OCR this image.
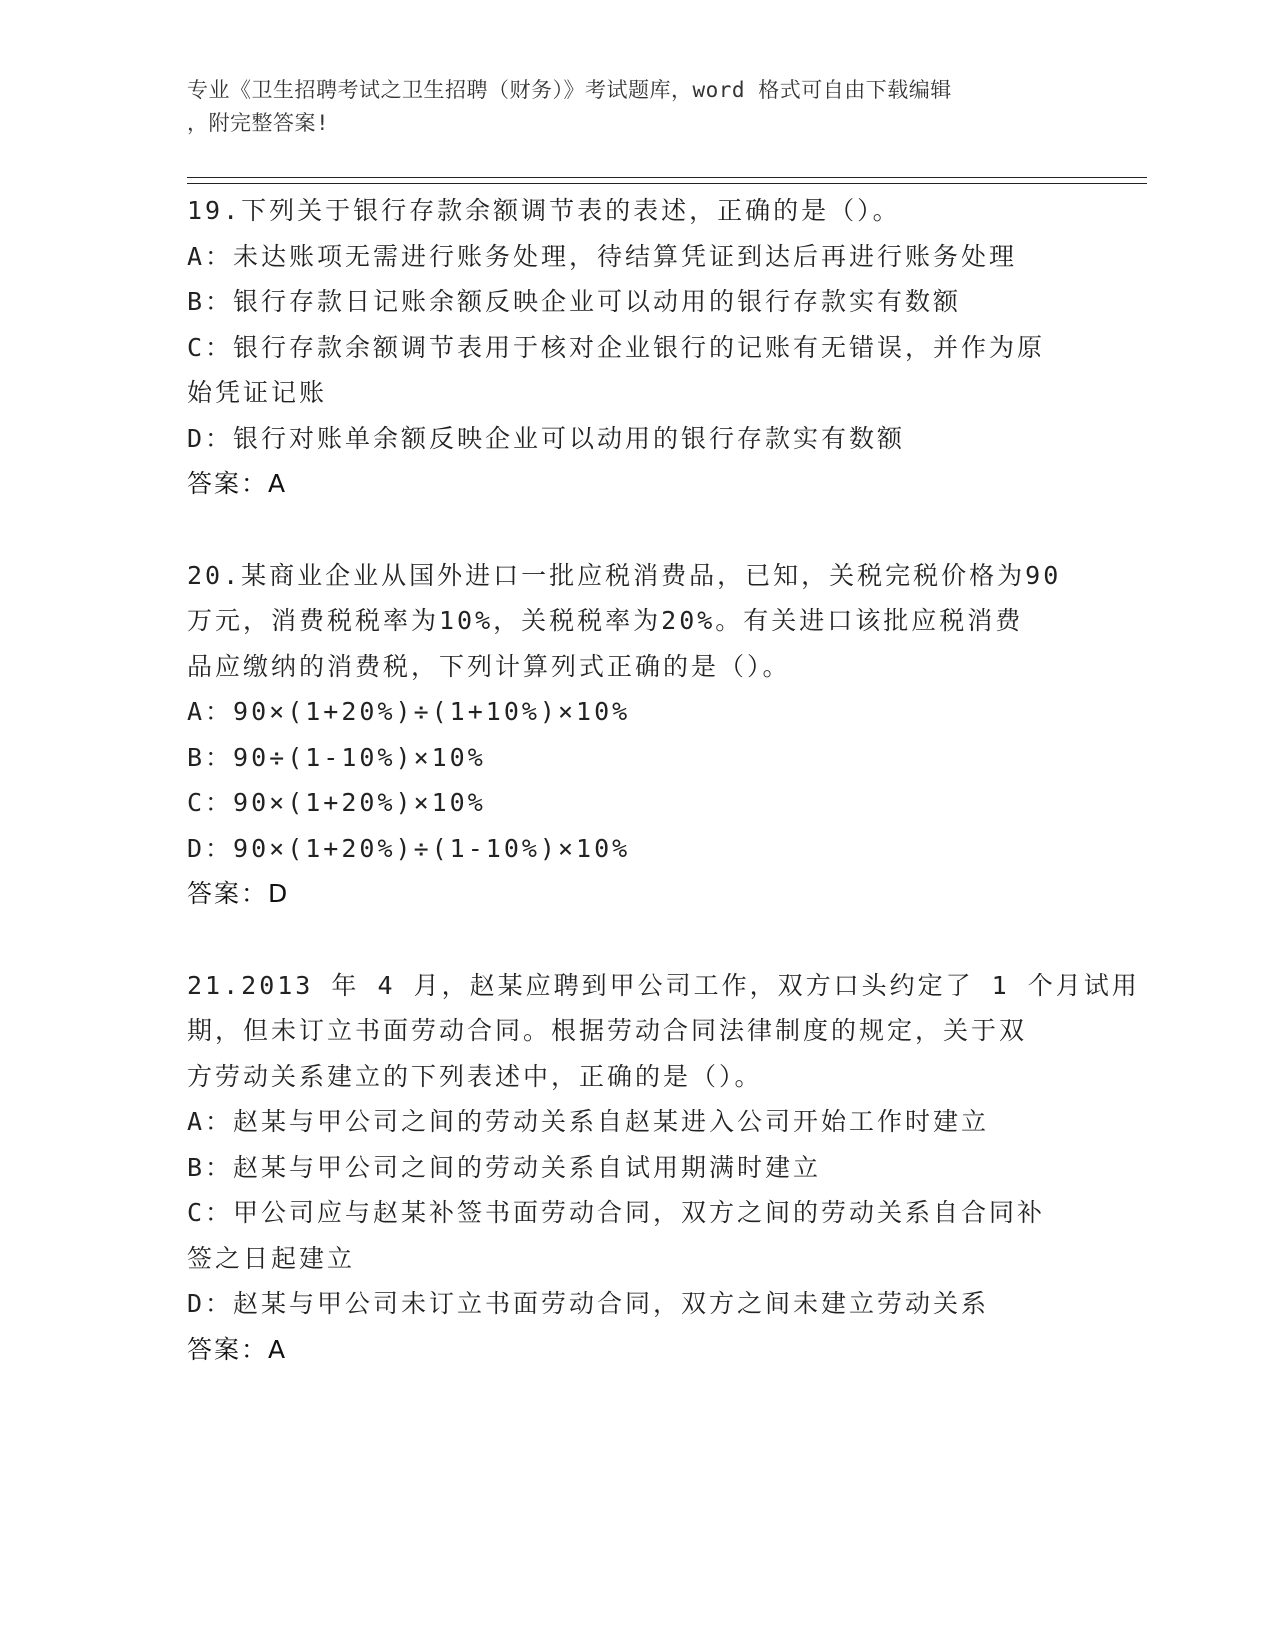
专业《卫生招聘考试之卫生招聘（财务）》考试题库，word 格式可自由下载编辑
，附完整答案!
19.下列关于银行存款余额调节表的表述，正确的是（）。
A：未达账项无需进行账务处理，待结算凭证到达后再进行账务处理
B：银行存款日记账余额反映企业可以动用的银行存款实有数额
C：银行存款余额调节表用于核对企业银行的记账有无错误，并作为原
始凭证记账
D：银行对账单余额反映企业可以动用的银行存款实有数额
答案：A
20.某商业企业从国外进口一批应税消费品，已知，关税完税价格为90
万元，消费税税率为10%，关税税率为20%。有关进口该批应税消费
品应缴纳的消费税，下列计算列式正确的是（）。
A：90×(1+20%)÷(1+10%)×10%
B：90÷(1-10%)×10%
C：90×(1+20%)×10%
D：90×(1+20%)÷(1-10%)×10%
答案：D
21.2013 年 4 月，赵某应聘到甲公司工作，双方口头约定了 1 个月试用
期，但未订立书面劳动合同。根据劳动合同法律制度的规定，关于双
方劳动关系建立的下列表述中，正确的是（）。
A：赵某与甲公司之间的劳动关系自赵某进入公司开始工作时建立
B：赵某与甲公司之间的劳动关系自试用期满时建立
C：甲公司应与赵某补签书面劳动合同，双方之间的劳动关系自合同补
签之日起建立
D：赵某与甲公司未订立书面劳动合同，双方之间未建立劳动关系
答案：A
